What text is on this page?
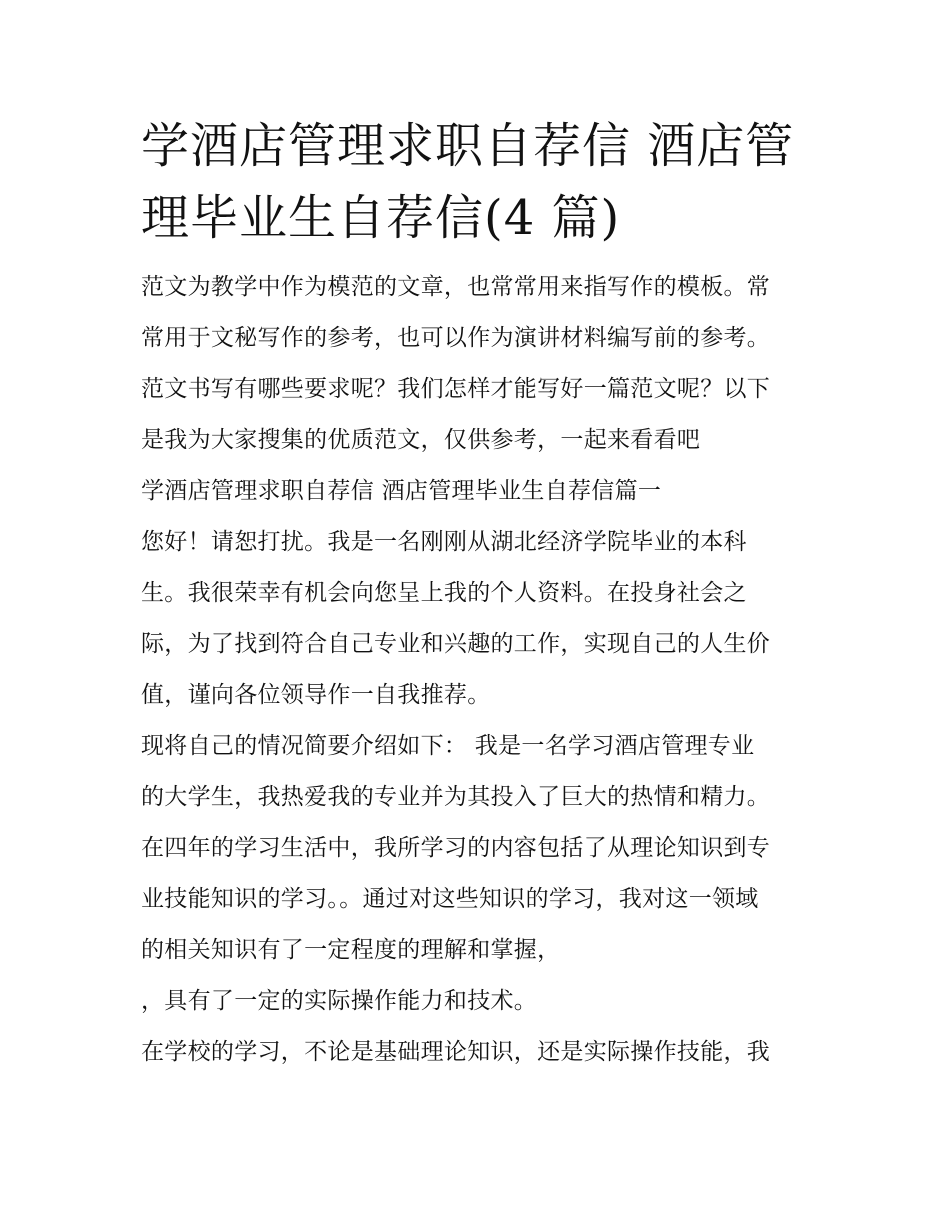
学酒店管理求职自荐信 酒店管
理毕业生自荐信(4 篇)
范文为教学中作为模范的文章，也常常用来指写作的模板。常
常用于文秘写作的参考，也可以作为演讲材料编写前的参考。
范文书写有哪些要求呢？我们怎样才能写好一篇范文呢？以下
是我为大家搜集的优质范文，仅供参考，一起来看看吧
学酒店管理求职自荐信 酒店管理毕业生自荐信篇一
您好！请恕打扰。我是一名刚刚从湖北经济学院毕业的本科
生。我很荣幸有机会向您呈上我的个人资料。在投身社会之
际，为了找到符合自己专业和兴趣的工作，实现自己的人生价
值，谨向各位领导作一自我推荐。
现将自己的情况简要介绍如下： 我是一名学习酒店管理专业
的大学生，我热爱我的专业并为其投入了巨大的热情和精力。
在四年的学习生活中，我所学习的内容包括了从理论知识到专
业技能知识的学习。。通过对这些知识的学习，我对这一领域
的相关知识有了一定程度的理解和掌握，
，具有了一定的实际操作能力和技术。
在学校的学习，不论是基础理论知识，还是实际操作技能，我
